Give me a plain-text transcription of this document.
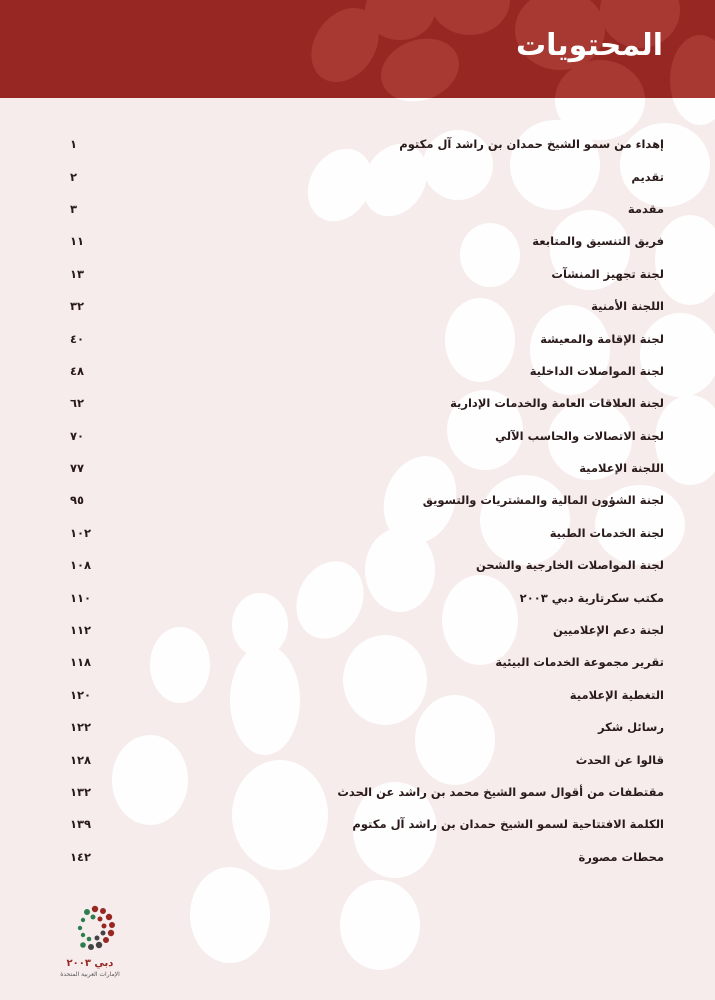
المحتويات
١	إهداء من سمو الشيخ حمدان بن راشد آل مكتوم
٢	تقديم
٣	مقدمة
١١	فريق التنسيق والمتابعة
١٣	لجنة تجهيز المنشآت
٣٢	اللجنة الأمنية
٤٠	لجنة الإقامة والمعيشة
٤٨	لجنة المواصلات الداخلية
٦٢	لجنة العلاقات العامة والخدمات الإدارية
٧٠	لجنة الاتصالات والحاسب الآلي
٧٧	اللجنة الإعلامية
٩٥	لجنة الشؤون المالية والمشتريات والتسويق
١٠٢	لجنة الخدمات الطبية
١٠٨	لجنة المواصلات الخارجية والشحن
١١٠	مكتب سكرتارية دبي ٢٠٠٣
١١٢	لجنة دعم الإعلاميين
١١٨	تقرير مجموعة الخدمات البيئية
١٢٠	التغطية الإعلامية
١٢٢	رسائل شكر
١٢٨	قالوا عن الحدث
١٣٢	مقتطفات من أقوال سمو الشيخ محمد بن راشد عن الحدث
١٣٩	الكلمة الافتتاحية لسمو الشيخ حمدان بن راشد آل مكتوم
١٤٢	محطات مصورة
دبي ٢٠٠٣
الإمارات العربية المتحدة
